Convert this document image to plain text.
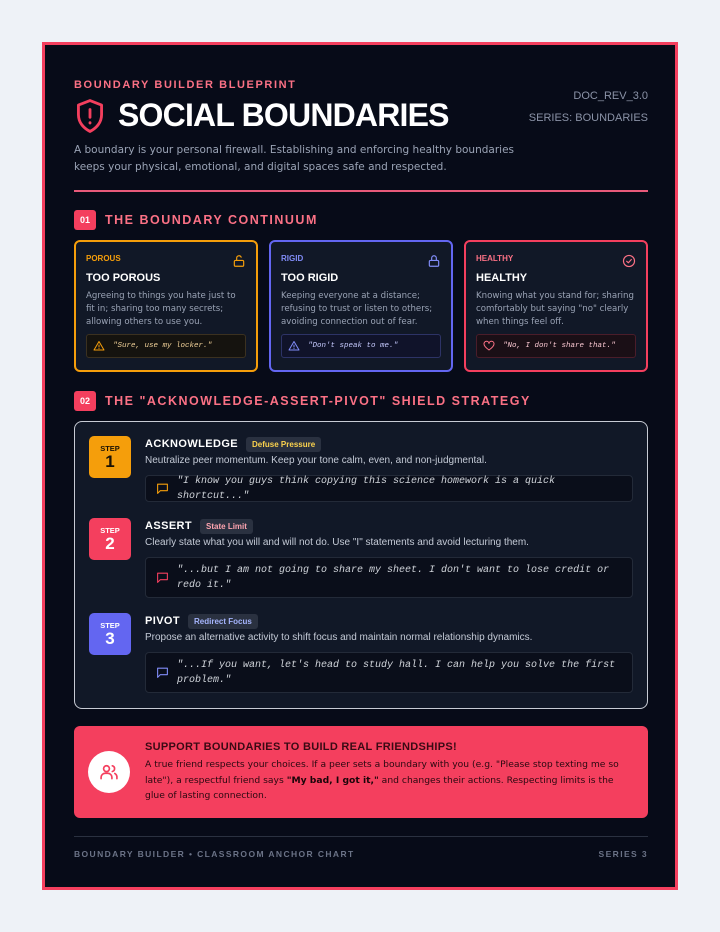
DOC_REV_3.0
SERIES: BOUNDARIES
BOUNDARY BUILDER BLUEPRINT
SOCIAL BOUNDARIES
A boundary is your personal firewall. Establishing and enforcing healthy boundaries keeps your physical, emotional, and digital spaces safe and respected.
01	THE BOUNDARY CONTINUUM
POROUS
TOO POROUS
Agreeing to things you hate just to fit in; sharing too many secrets; allowing others to use you.
"Sure, use my locker."
RIGID
TOO RIGID
Keeping everyone at a distance; refusing to trust or listen to others; avoiding connection out of fear.
"Don't speak to me."
HEALTHY
HEALTHY
Knowing what you stand for; sharing comfortably but saying "no" clearly when things feel off.
"No, I don't share that."
02	THE "ACKNOWLEDGE-ASSERT-PIVOT" SHIELD STRATEGY
STEP
1
ACKNOWLEDGE	Defuse Pressure
Neutralize peer momentum. Keep your tone calm, even, and non-judgmental.
"I know you guys think copying this science homework is a quick shortcut..."
STEP
2
ASSERT	State Limit
Clearly state what you will and will not do. Use "I" statements and avoid lecturing them.
"...but I am not going to share my sheet. I don't want to lose credit or redo it."
STEP
3
PIVOT	Redirect Focus
Propose an alternative activity to shift focus and maintain normal relationship dynamics.
"...If you want, let's head to study hall. I can help you solve the first problem."
SUPPORT BOUNDARIES TO BUILD REAL FRIENDSHIPS!
A true friend respects your choices. If a peer sets a boundary with you (e.g. "Please stop texting me so late"), a respectful friend says "My bad, I got it," and changes their actions. Respecting limits is the glue of lasting connection.
BOUNDARY BUILDER • CLASSROOM ANCHOR CHART	SERIES 3
